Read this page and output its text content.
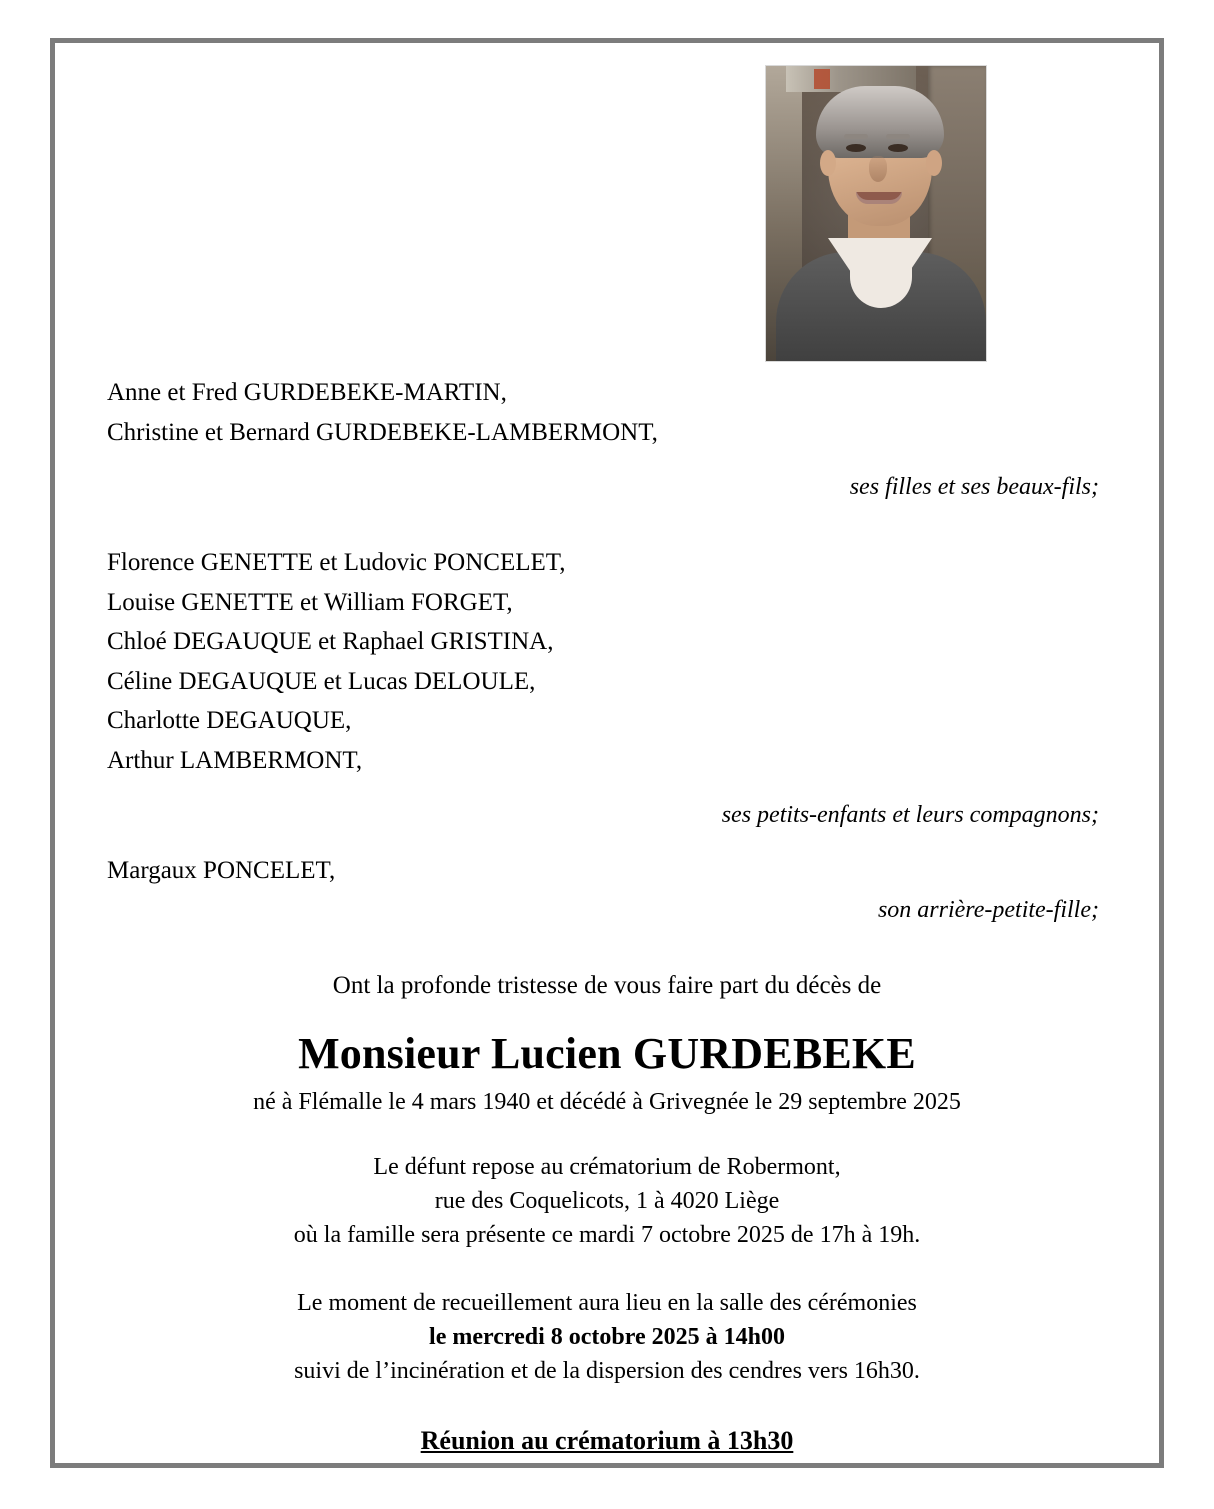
Anne et Fred GURDEBEKE-MARTIN,
Christine et Bernard GURDEBEKE-LAMBERMONT,
ses filles et ses beaux-fils;
Florence GENETTE et Ludovic PONCELET,
Louise GENETTE et William FORGET,
Chloé DEGAUQUE et Raphael GRISTINA,
Céline DEGAUQUE et Lucas DELOULE,
Charlotte DEGAUQUE,
Arthur LAMBERMONT,
ses petits-enfants et leurs compagnons;
Margaux PONCELET,
son arrière-petite-fille;
Ont la profonde tristesse de vous faire part du décès de
Monsieur Lucien GURDEBEKE
né à Flémalle le 4 mars 1940 et décédé à Grivegnée le 29 septembre 2025
Le défunt repose au crématorium de Robermont,
rue des Coquelicots, 1 à 4020 Liège
où la famille sera présente ce mardi 7 octobre 2025 de 17h à 19h.
Le moment de recueillement aura lieu en la salle des cérémonies
le mercredi 8 octobre 2025 à 14h00
suivi de l’incinération et de la dispersion des cendres vers 16h30.
Réunion au crématorium à 13h30
